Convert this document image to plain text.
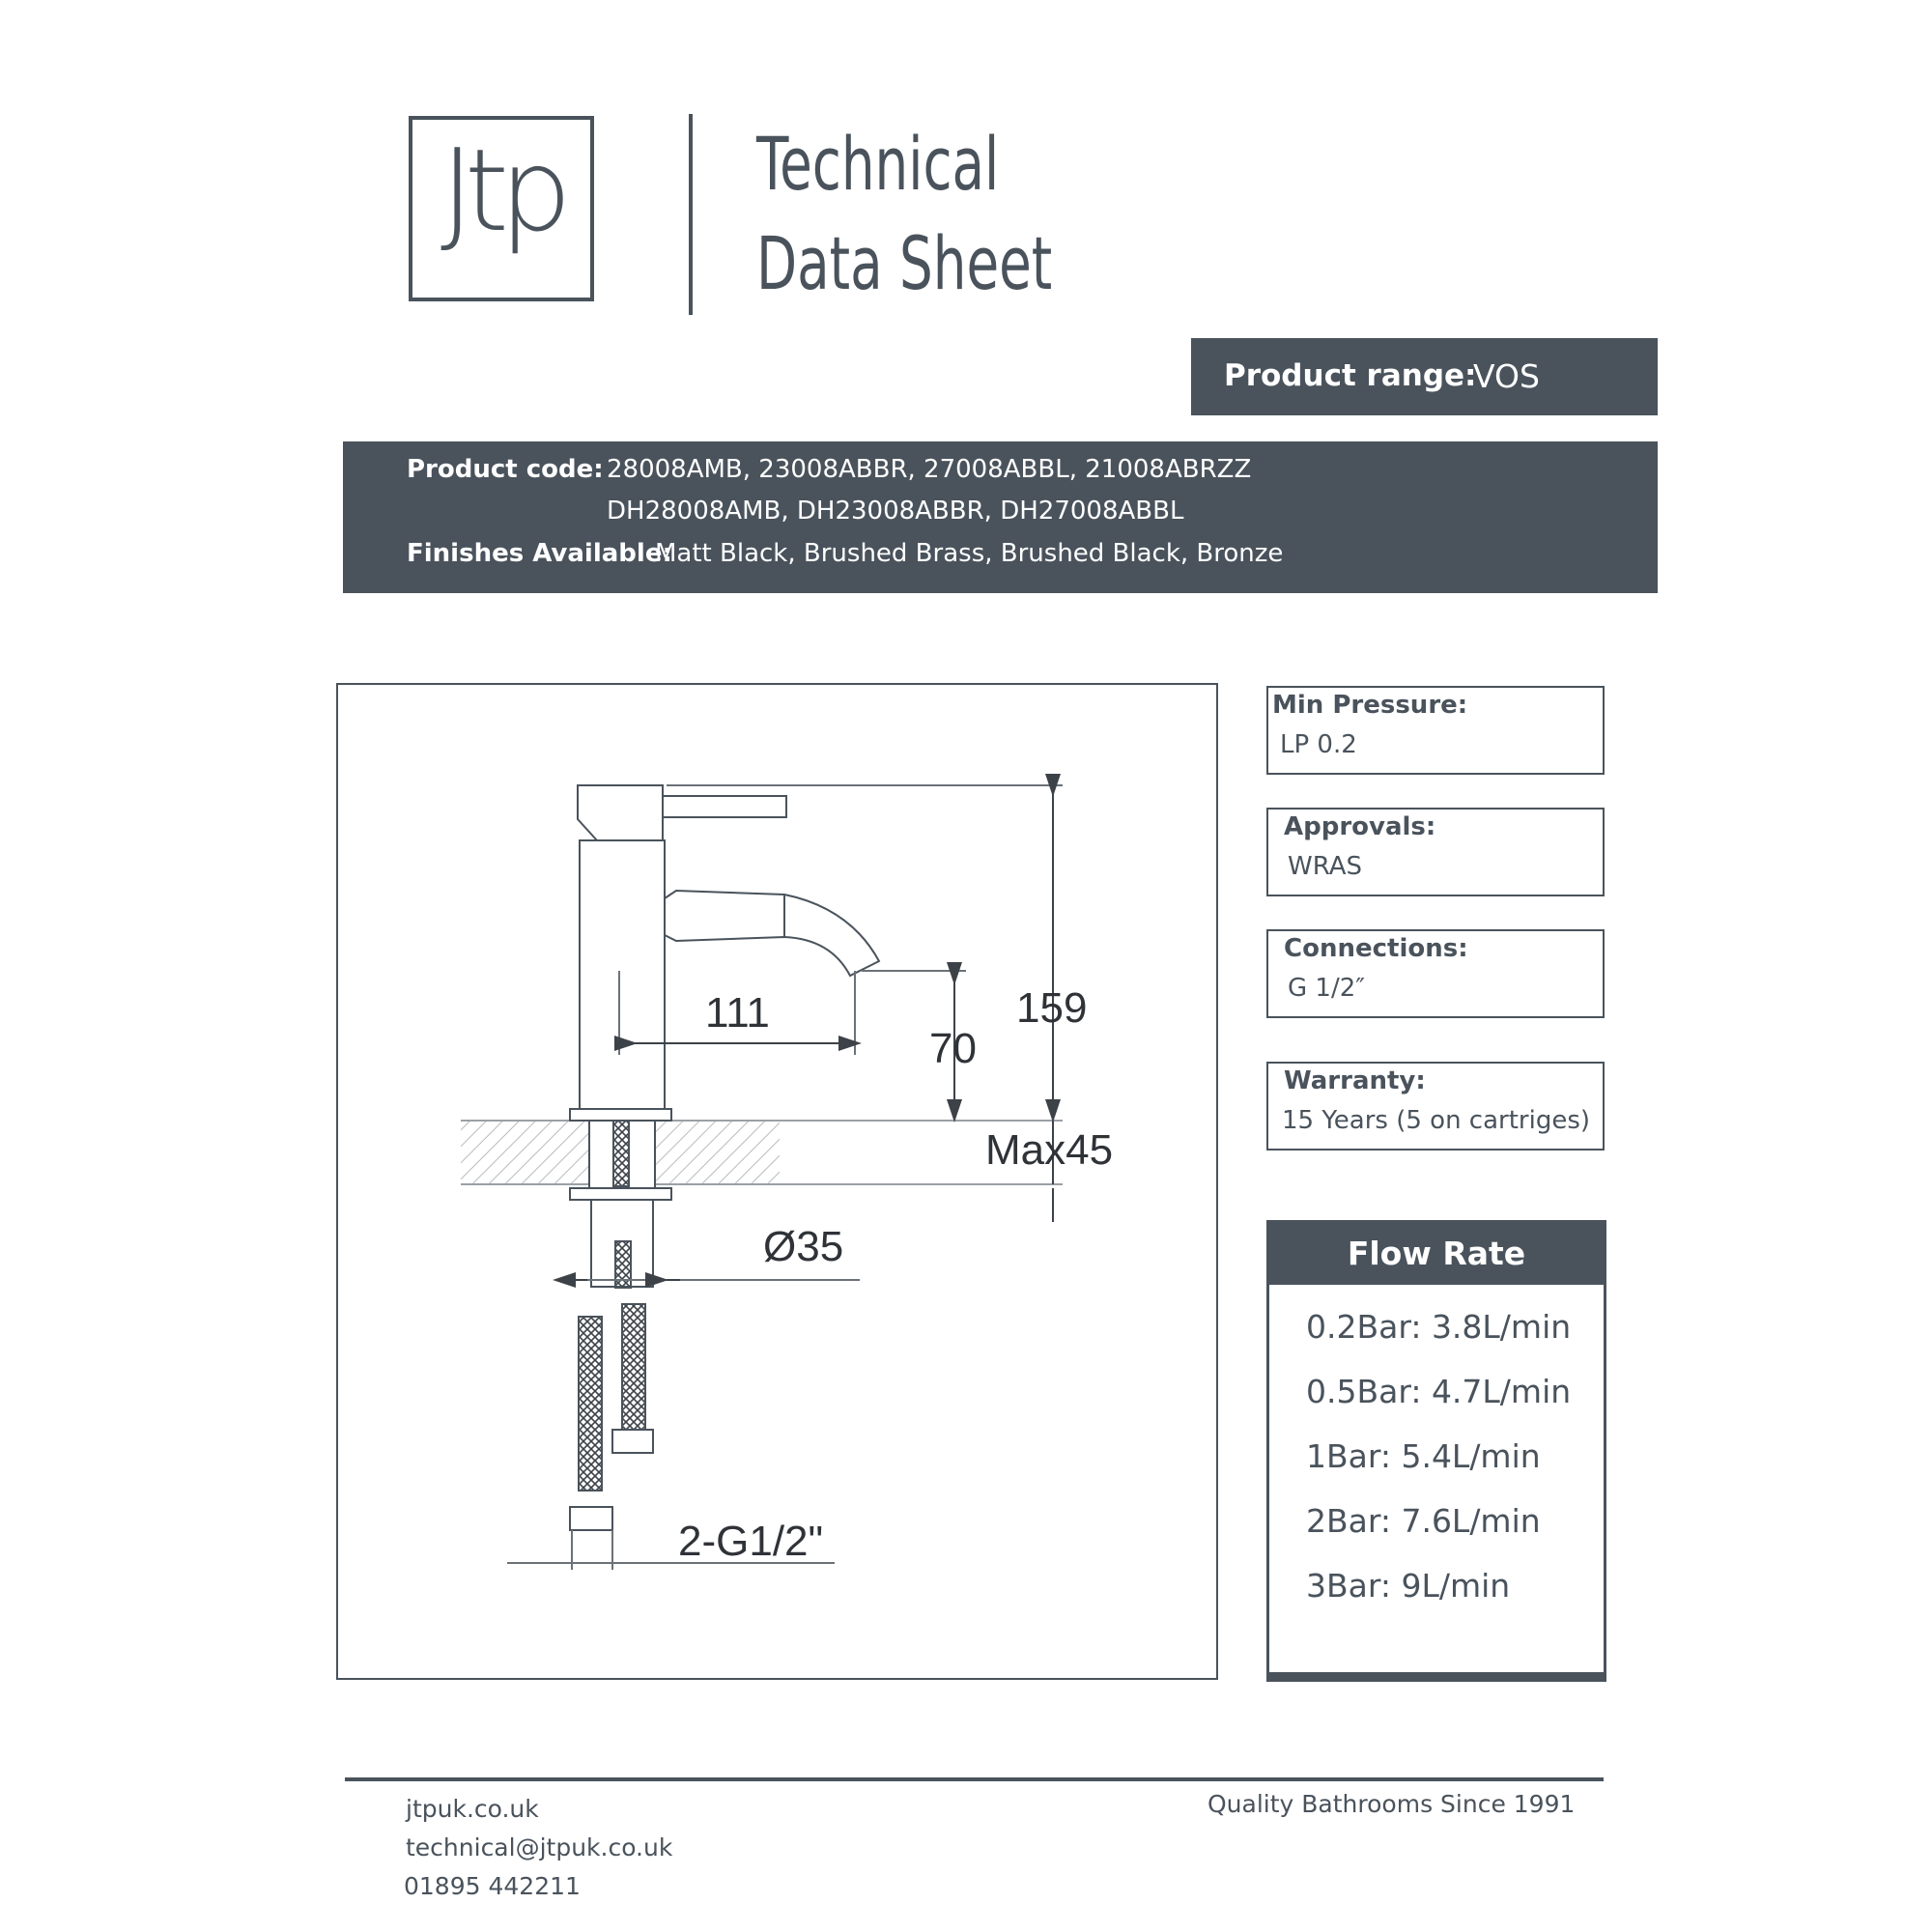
Jtp	Technical
Data Sheet
Product range:
VOS
Product code: 28008AMB, 23008ABBR, 27008ABBL, 21008ABRZZ
DH28008AMB, DH23008ABBR, DH27008ABBL
Finishes Available:
Matt Black, Brushed Brass, Brushed Black, Bronze
159
111
70
Max45
Ø35
2-G1/2"
Min Pressure:
LP 0.2
Approvals:
WRAS
Connections:
G 1/2″
Warranty:
15 Years (5 on cartriges)
Flow Rate
0.2Bar: 3.8L/min
0.5Bar: 4.7L/min
1Bar: 5.4L/min
2Bar: 7.6L/min
3Bar: 9L/min
jtpuk.co.uk
technical@jtpuk.co.uk
01895 442211
Quality Bathrooms Since 1991
